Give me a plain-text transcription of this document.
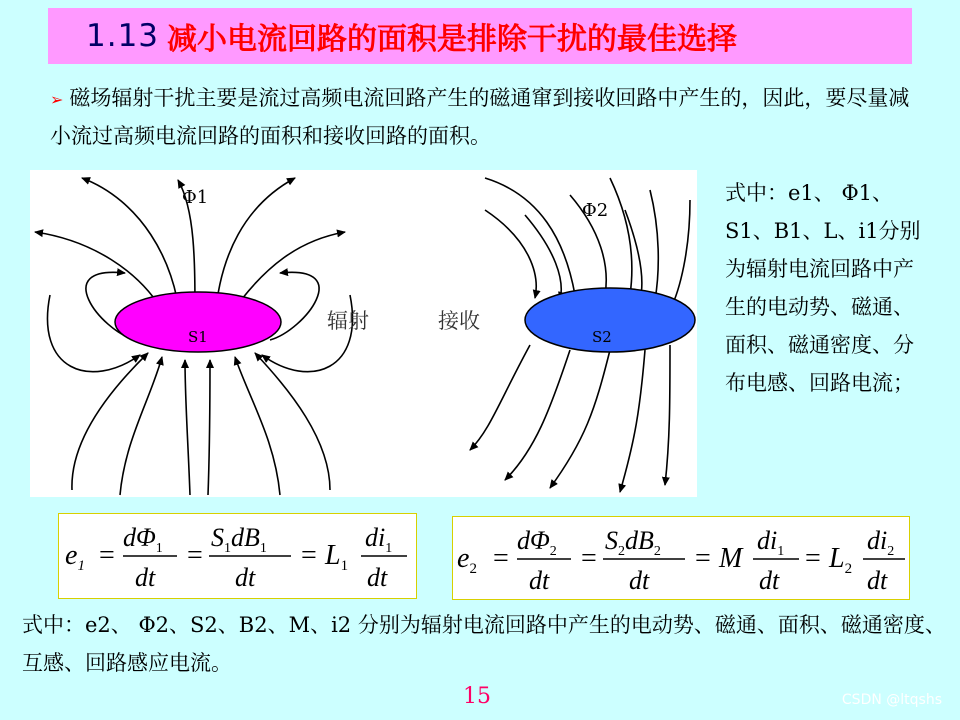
1.13 减小电流回路的面积是排除干扰的最佳选择
➢ 磁场辐射干扰主要是流过高频电流回路产生的磁通窜到接收回路中产生的，因此，要尽量减小流过高频电流回路的面积和接收回路的面积。
S1
Φ1
辐射	接收
S2
Φ2
式中：e1、 Φ1、S1、B1、L、i1分别为辐射电流回路中产生的电动势、磁通、面积、磁通密度、分布电感、回路电流；
$e_1$ =
$d\Phi_1$
dt
=
$S_1dB_1$
dt
= $L_1$
$di_1$
dt
$e_2$ =
$d\Phi_2$
dt
=
$S_2dB_2$
dt
= M
$di_1$
dt
= $L_2$
$di_2$
dt
式中：e2、 Φ2、S2、B2、M、i2 分别为辐射电流回路中产生的电动势、磁通、面积、磁通密度、互感、回路感应电流。
15	CSDN @ltqshs
